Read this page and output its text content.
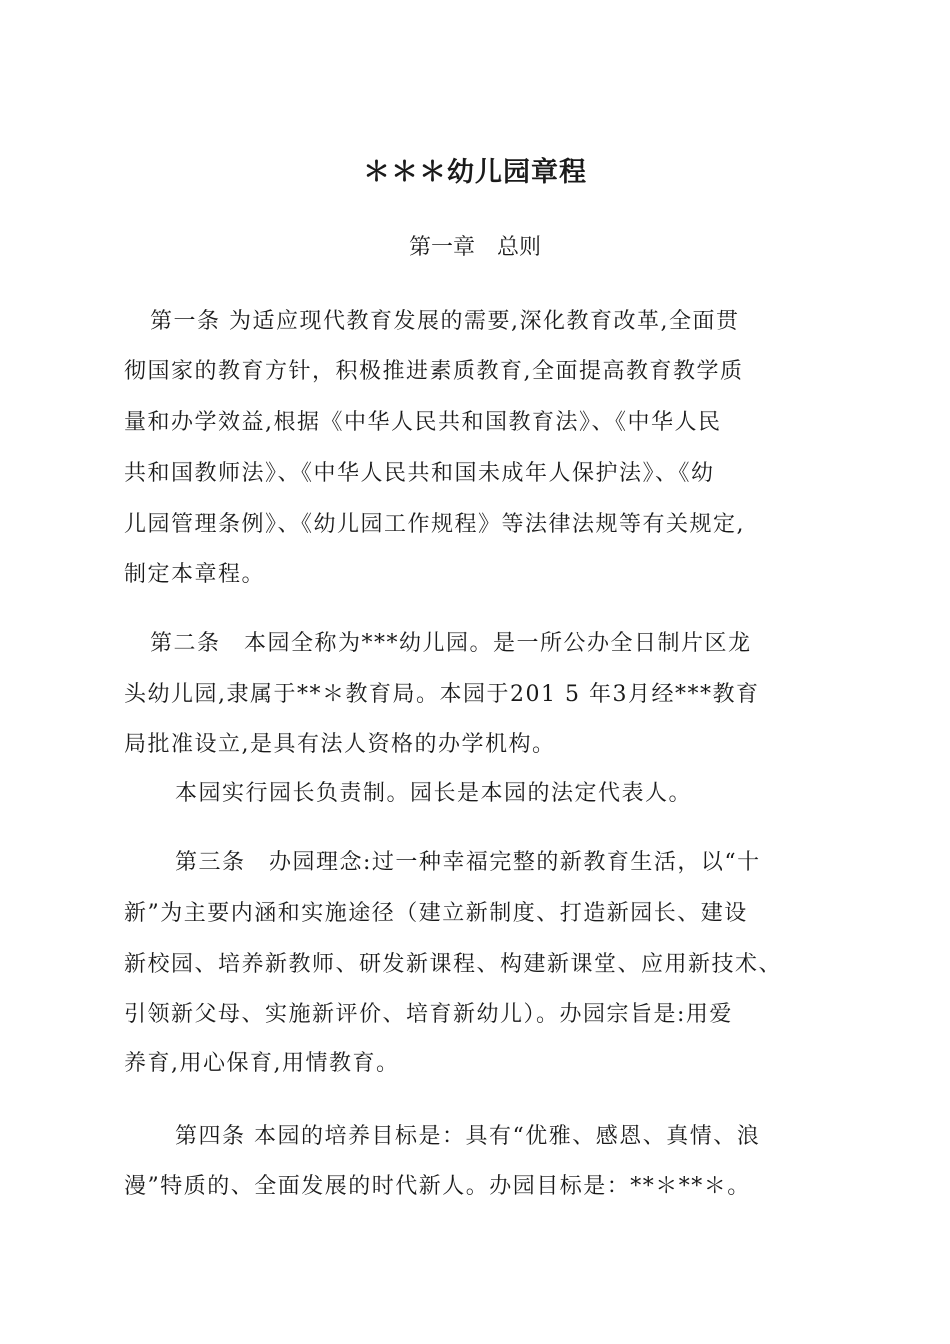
＊＊＊幼儿园章程
第一章　总则
第一条 为适应现代教育发展的需要,深化教育改革,全面贯
彻国家的教育方针，积极推进素质教育,全面提高教育教学质
量和办学效益,根据《中华人民共和国教育法》、《中华人民
共和国教师法》、《中华人民共和国未成年人保护法》、《幼
儿园管理条例》、《幼儿园工作规程》等法律法规等有关规定,
制定本章程。
第二条　本园全称为***幼儿园。是一所公办全日制片区龙
头幼儿园,隶属于**＊教育局。本园于201 5 年3月经***教育
局批准设立,是具有法人资格的办学机构。
本园实行园长负责制。园长是本园的法定代表人。
第三条　办园理念:过一种幸福完整的新教育生活，以“十
新”为主要内涵和实施途径（建立新制度、打造新园长、建设
新校园、培养新教师、研发新课程、构建新课堂、应用新技术、
引领新父母、实施新评价、培育新幼儿）。办园宗旨是:用爱
养育,用心保育,用情教育。
第四条 本园的培养目标是：具有“优雅、感恩、真情、浪
漫”特质的、全面发展的时代新人。办园目标是：**＊**＊。
